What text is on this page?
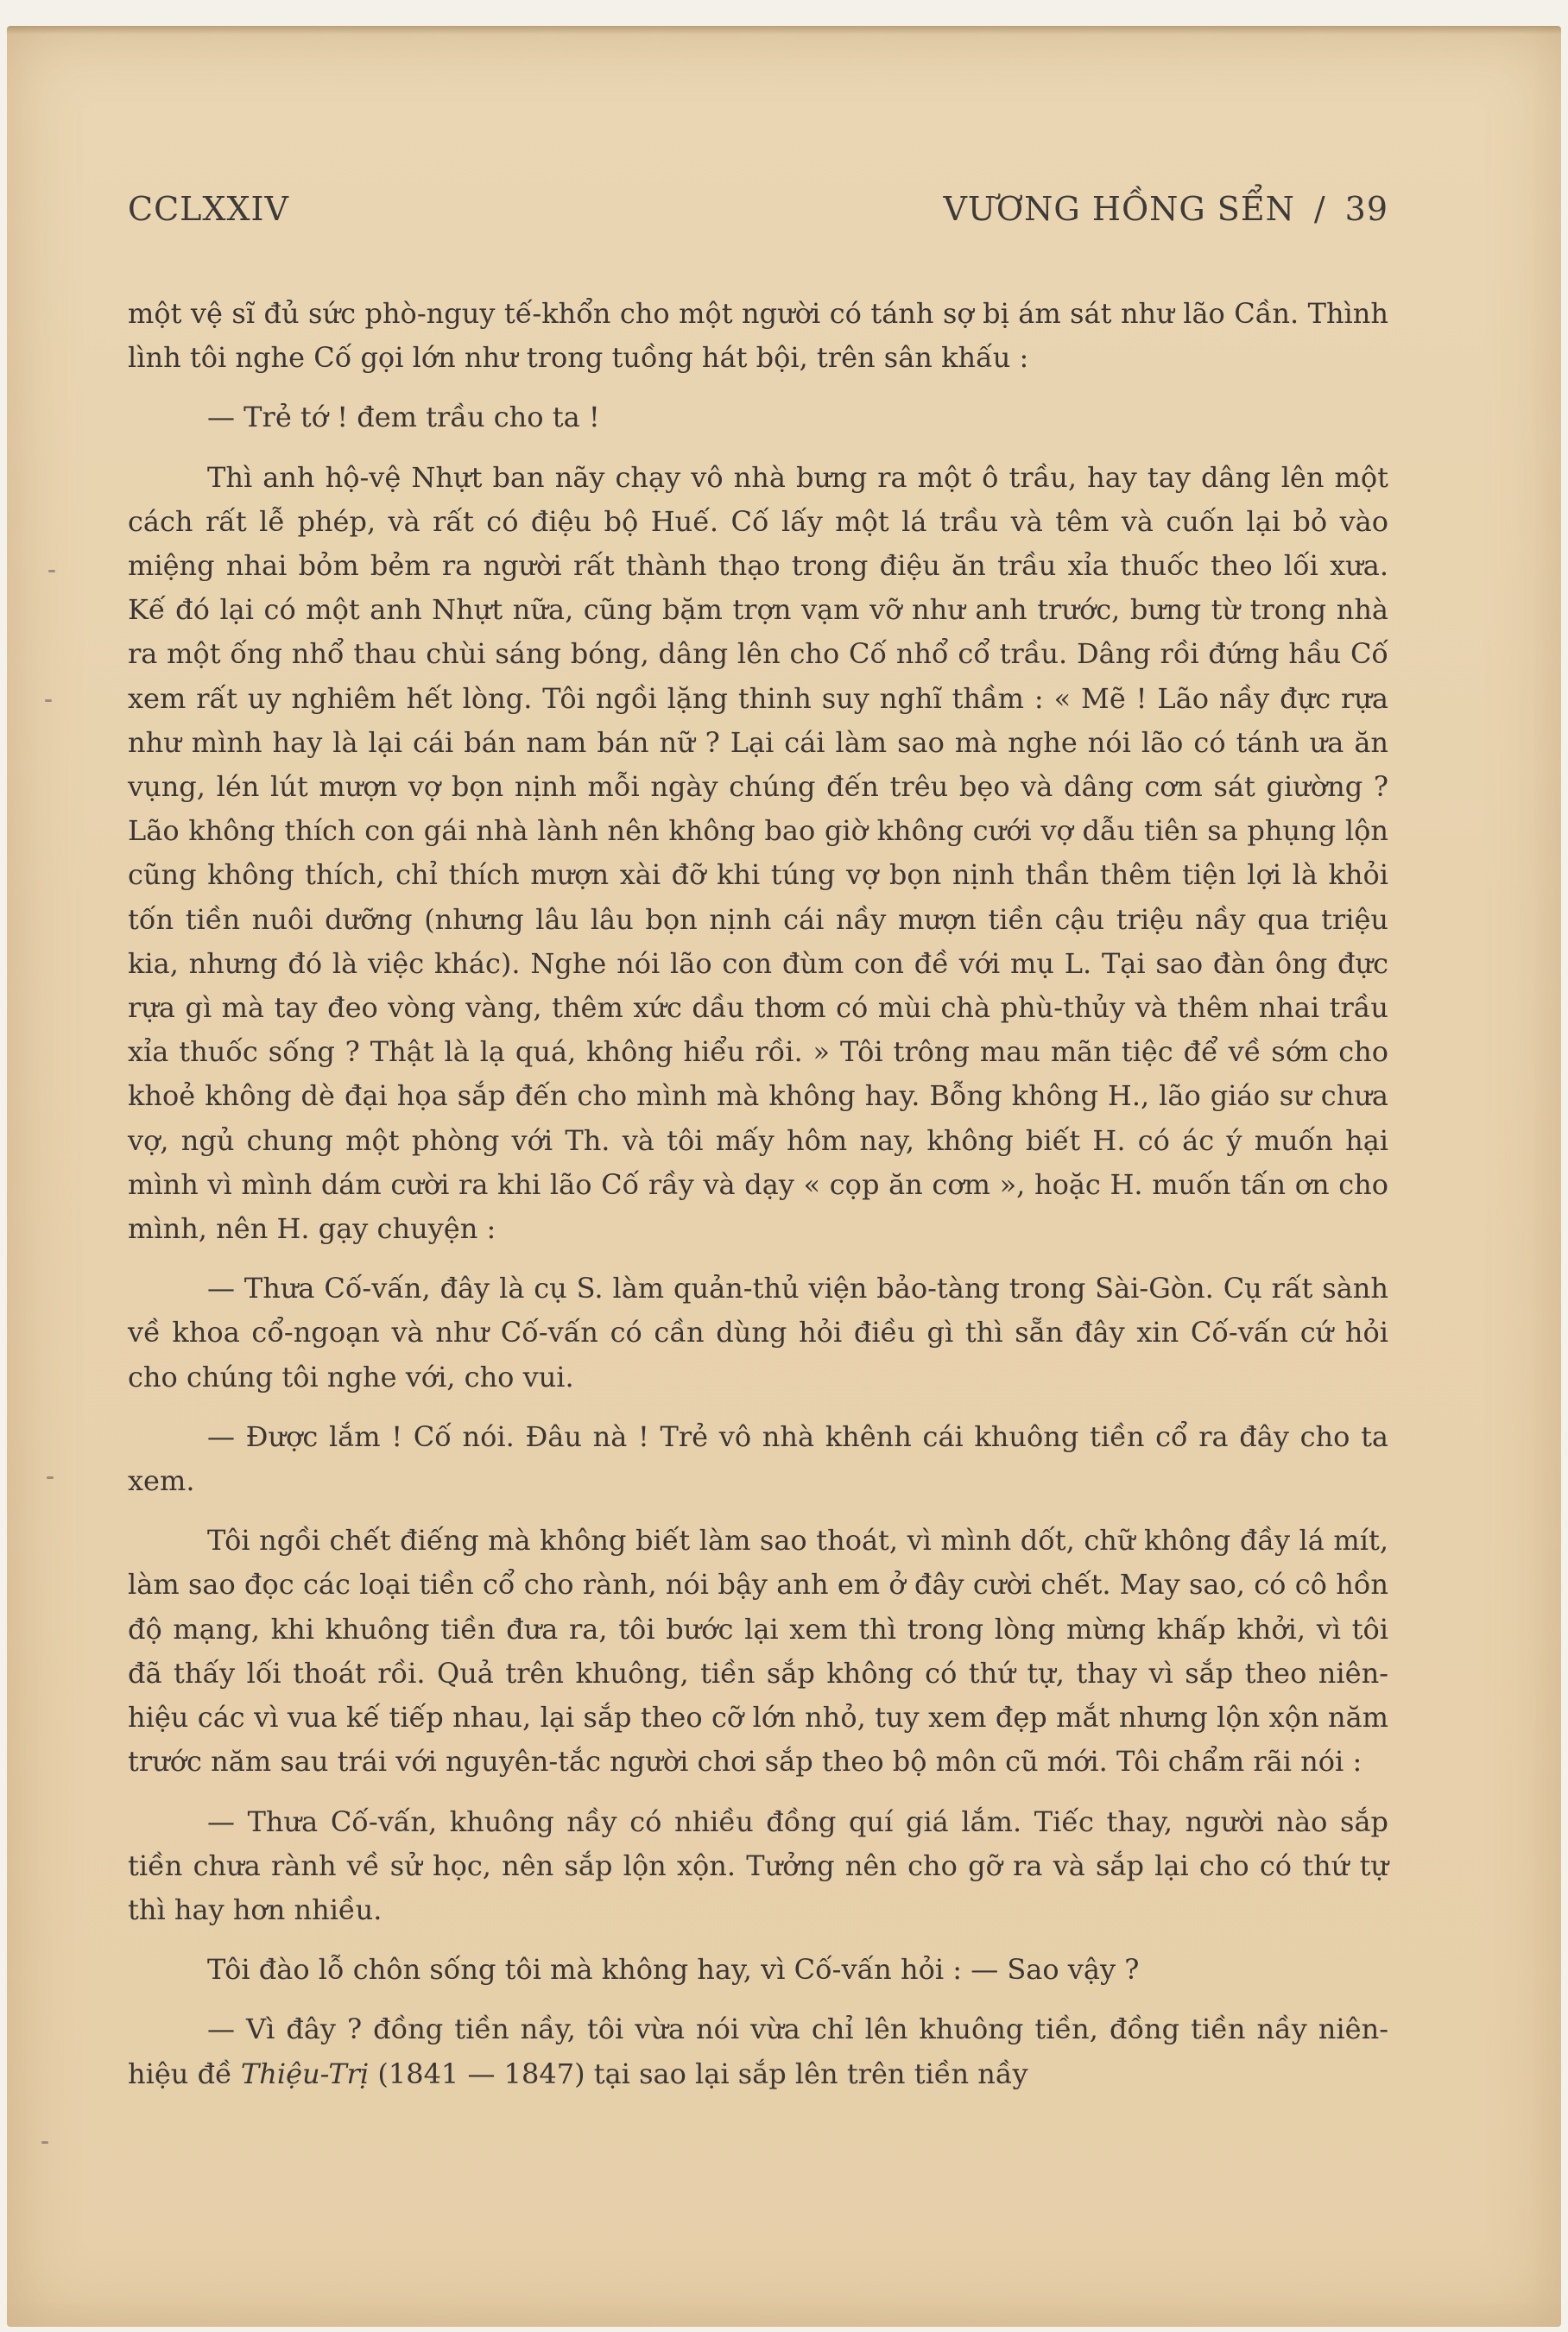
CCLXXIV	VƯƠNG HỒNG SỂN / 39

một vệ sĩ đủ sức phò-nguy tế-khổn cho một người có tánh sợ bị ám sát như lão Cần. Thình lình tôi nghe Cố gọi lớn như trong tuồng hát bội, trên sân khấu :

— Trẻ tớ ! đem trầu cho ta !

Thì anh hộ-vệ Nhựt ban nãy chạy vô nhà bưng ra một ô trầu, hay tay dâng lên một cách rất lễ phép, và rất có điệu bộ Huế. Cố lấy một lá trầu và têm và cuốn lại bỏ vào miệng nhai bỏm bẻm ra người rất thành thạo trong điệu ăn trầu xỉa thuốc theo lối xưa. Kế đó lại có một anh Nhựt nữa, cũng bặm trợn vạm vỡ như anh trước, bưng từ trong nhà ra một ống nhổ thau chùi sáng bóng, dâng lên cho Cố nhổ cổ trầu. Dâng rồi đứng hầu Cố xem rất uy nghiêm hết lòng. Tôi ngồi lặng thinh suy nghĩ thầm : « Mẽ ! Lão nầy đực rựa như mình hay là lại cái bán nam bán nữ ? Lại cái làm sao mà nghe nói lão có tánh ưa ăn vụng, lén lút mượn vợ bọn nịnh mỗi ngày chúng đến trêu bẹo và dâng cơm sát giường ? Lão không thích con gái nhà lành nên không bao giờ không cưới vợ dẫu tiên sa phụng lộn cũng không thích, chỉ thích mượn xài đỡ khi túng vợ bọn nịnh thần thêm tiện lợi là khỏi tốn tiền nuôi dưỡng (nhưng lâu lâu bọn nịnh cái nầy mượn tiền cậu triệu nầy qua triệu kia, nhưng đó là việc khác). Nghe nói lão con đùm con đề với mụ L. Tại sao đàn ông đực rựa gì mà tay đeo vòng vàng, thêm xức dầu thơm có mùi chà phù-thủy và thêm nhai trầu xỉa thuốc sống ? Thật là lạ quá, không hiểu rồi. » Tôi trông mau mãn tiệc để về sớm cho khoẻ không dè đại họa sắp đến cho mình mà không hay. Bỗng không H., lão giáo sư chưa vợ, ngủ chung một phòng với Th. và tôi mấy hôm nay, không biết H. có ác ý muốn hại mình vì mình dám cười ra khi lão Cố rầy và dạy « cọp ăn cơm », hoặc H. muốn tấn ơn cho mình, nên H. gạy chuyện :

— Thưa Cố-vấn, đây là cụ S. làm quản-thủ viện bảo-tàng trong Sài-Gòn. Cụ rất sành về khoa cổ-ngoạn và như Cố-vấn có cần dùng hỏi điều gì thì sẵn đây xin Cố-vấn cứ hỏi cho chúng tôi nghe với, cho vui.

— Được lắm ! Cố nói. Đâu nà ! Trẻ vô nhà khênh cái khuông tiền cổ ra đây cho ta xem.

Tôi ngồi chết điếng mà không biết làm sao thoát, vì mình dốt, chữ không đầy lá mít, làm sao đọc các loại tiền cổ cho rành, nói bậy anh em ở đây cười chết. May sao, có cô hồn độ mạng, khi khuông tiền đưa ra, tôi bước lại xem thì trong lòng mừng khấp khởi, vì tôi đã thấy lối thoát rồi. Quả trên khuông, tiền sắp không có thứ tự, thay vì sắp theo niên-hiệu các vì vua kế tiếp nhau, lại sắp theo cỡ lớn nhỏ, tuy xem đẹp mắt nhưng lộn xộn năm trước năm sau trái với nguyên-tắc người chơi sắp theo bộ môn cũ mới. Tôi chẩm rãi nói :

— Thưa Cố-vấn, khuông nầy có nhiều đồng quí giá lắm. Tiếc thay, người nào sắp tiền chưa rành về sử học, nên sắp lộn xộn. Tưởng nên cho gỡ ra và sắp lại cho có thứ tự thì hay hơn nhiều.

Tôi đào lỗ chôn sống tôi mà không hay, vì Cố-vấn hỏi : — Sao vậy ?

— Vì đây ? đồng tiền nầy, tôi vừa nói vừa chỉ lên khuông tiền, đồng tiền nầy niên-hiệu đề Thiệu-Trị (1841 — 1847) tại sao lại sắp lên trên tiền nầy
